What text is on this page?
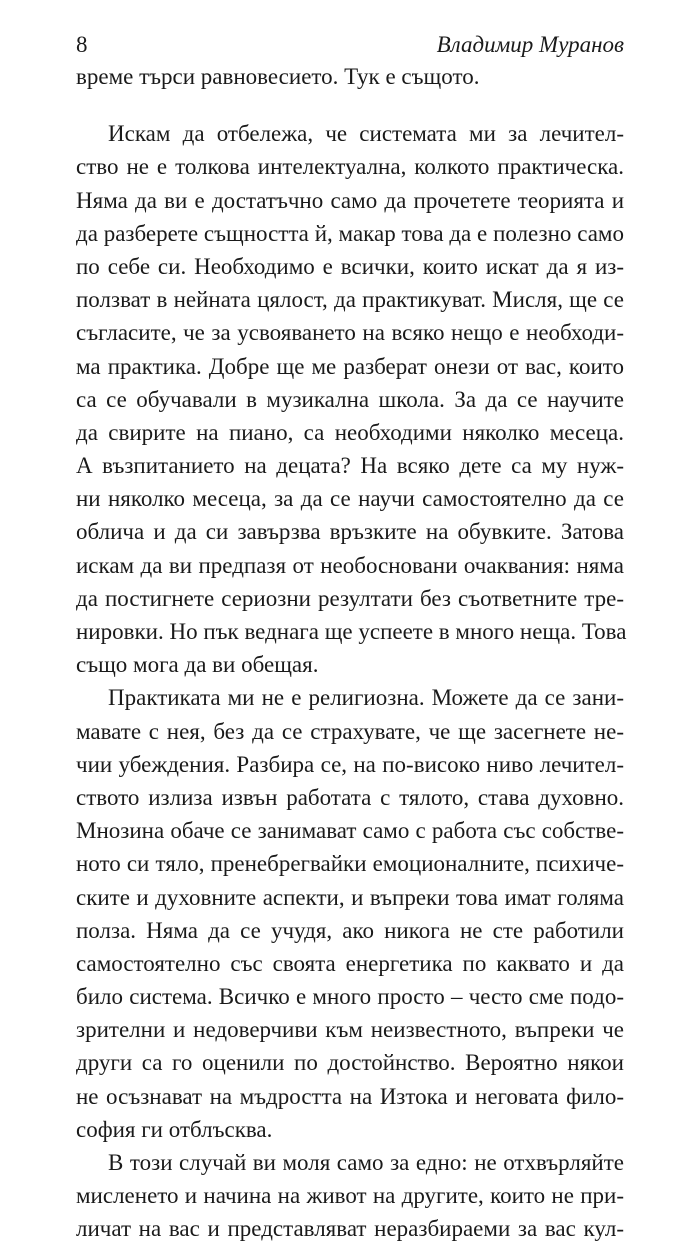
8	Владимир Муранов
време търси равновесието. Тук е същото.
Искам да отбележа, че системата ми за лечител-
ство не е толкова интелектуална, колкото практическа.
Няма да ви е достатъчно само да прочетете теорията и
да разберете същността й, макар това да е полезно само
по себе си. Необходимо е всички, които искат да я из-
ползват в нейната цялост, да практикуват. Мисля, ще се
съгласите, че за усвояването на всяко нещо е необходи-
ма практика. Добре ще ме разберат онези от вас, които
са се обучавали в музикална школа. За да се научите
да свирите на пиано, са необходими няколко месеца.
А възпитанието на децата? На всяко дете са му нуж-
ни няколко месеца, за да се научи самостоятелно да се
облича и да си завързва връзките на обувките. Затова
искам да ви предпазя от необосновани очаквания: няма
да постигнете сериозни резултати без съответните тре-
нировки. Но пък веднага ще успеете в много неща. Това
също мога да ви обещая.
Практиката ми не е религиозна. Можете да се зани-
мавате с нея, без да се страхувате, че ще засегнете не-
чии убеждения. Разбира се, на по-високо ниво лечител-
ството излиза извън работата с тялото, става духовно.
Мнозина обаче се занимават само с работа със собстве-
ното си тяло, пренебрегвайки емоционалните, психиче-
ските и духовните аспекти, и въпреки това имат голяма
полза. Няма да се учудя, ако никога не сте работили
самостоятелно със своята енергетика по каквато и да
било система. Всичко е много просто – често сме подо-
зрителни и недоверчиви към неизвестното, въпреки че
други са го оценили по достойнство. Вероятно някои
не осъзнават на мъдростта на Изтока и неговата фило-
софия ги отблъсква.
В този случай ви моля само за едно: не отхвърляйте
мисленето и начина на живот на другите, които не при-
личат на вас и представляват неразбираеми за вас кул-
